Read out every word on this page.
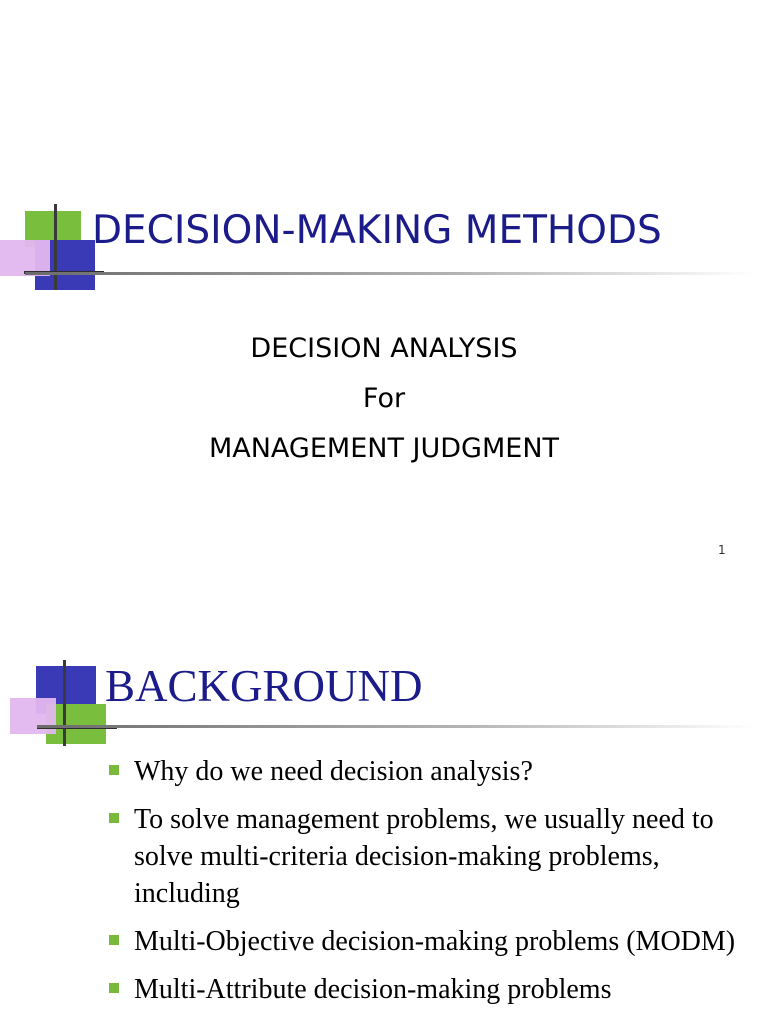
DECISION-MAKING METHODS

DECISION ANALYSIS

For

MANAGEMENT JUDGMENT

1
BACKGROUND
Why do we need decision analysis?
To solve management problems, we usually need to solve multi-criteria decision-making problems, including
Multi-Objective decision-making problems (MODM)
Multi-Attribute decision-making problems
